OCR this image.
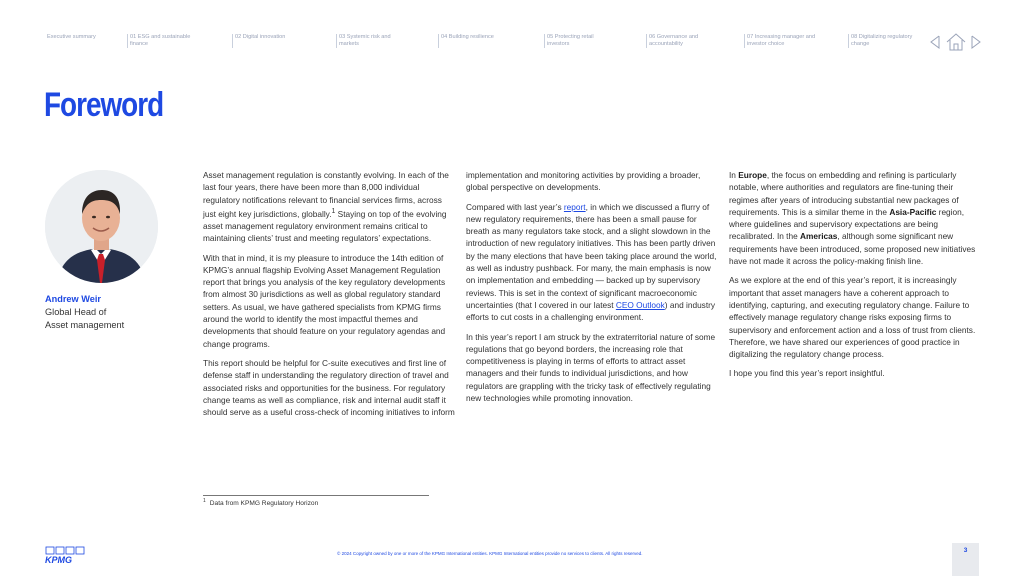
Executive summary	01 ESG and sustainable finance
02 Digital innovation	03 Systemic risk and markets
04 Building resilience	05 Protecting retail investors
06 Governance and accountability
07 Increasing manager and investor choice
08 Digitalizing regulatory change
Foreword
Andrew Weir
Global Head of
Asset management

Asset management regulation is constantly evolving. In each of the last four years, there have been more than 8,000 individual regulatory notifications relevant to financial services firms, across just eight key jurisdictions, globally.$^1$ Staying on top of the evolving asset management regulatory environment remains critical to maintaining clients’ trust and meeting regulators’ expectations.

With that in mind, it is my pleasure to introduce the 14th edition of KPMG’s annual flagship Evolving Asset Management Regulation report that brings you analysis of the key regulatory developments from almost 30 jurisdictions as well as global regulatory standard setters. As usual, we have gathered specialists from KPMG firms around the world to identify the most impactful themes and developments that should feature on your regulatory agendas and change programs.

This report should be helpful for C-suite executives and first line of defense staff in understanding the regulatory direction of travel and associated risks and opportunities for the business. For regulatory change teams as well as compliance, risk and internal audit staff it should serve as a useful cross-check of incoming initiatives to inform

implementation and monitoring activities by providing a broader, global perspective on developments.

Compared with last year’s report, in which we discussed a flurry of new regulatory requirements, there has been a small pause for breath as many regulators take stock, and a slight slowdown in the introduction of new regulatory initiatives. This has been partly driven by the many elections that have been taking place around the world, as well as industry pushback. For many, the main emphasis is now on implementation and embedding — backed up by supervisory reviews. This is set in the context of significant macroeconomic uncertainties (that I covered in our latest CEO Outlook) and industry efforts to cut costs in a challenging environment.

In this year’s report I am struck by the extraterritorial nature of some regulations that go beyond borders, the increasing role that competitiveness is playing in terms of efforts to attract asset managers and their funds to individual jurisdictions, and how regulators are grappling with the tricky task of effectively regulating new technologies while promoting innovation.

In Europe, the focus on embedding and refining is particularly notable, where authorities and regulators are fine-tuning their regimes after years of introducing substantial new packages of requirements. This is a similar theme in the Asia-Pacific region, where guidelines and supervisory expectations are being recalibrated. In the Americas, although some significant new requirements have been introduced, some proposed new initiatives have not made it across the policy-making finish line.

As we explore at the end of this year’s report, it is increasingly important that asset managers have a coherent approach to identifying, capturing, and executing regulatory change. Failure to effectively manage regulatory change risks exposing firms to supervisory and enforcement action and a loss of trust from clients. Therefore, we have shared our experiences of good practice in digitalizing the regulatory change process.

I hope you find this year’s report insightful.

$^1$ Data from KPMG Regulatory Horizon
KPMG
© 2024 Copyright owned by one or more of the KPMG International entities. KPMG International entities provide no services to clients. All rights reserved.	3
